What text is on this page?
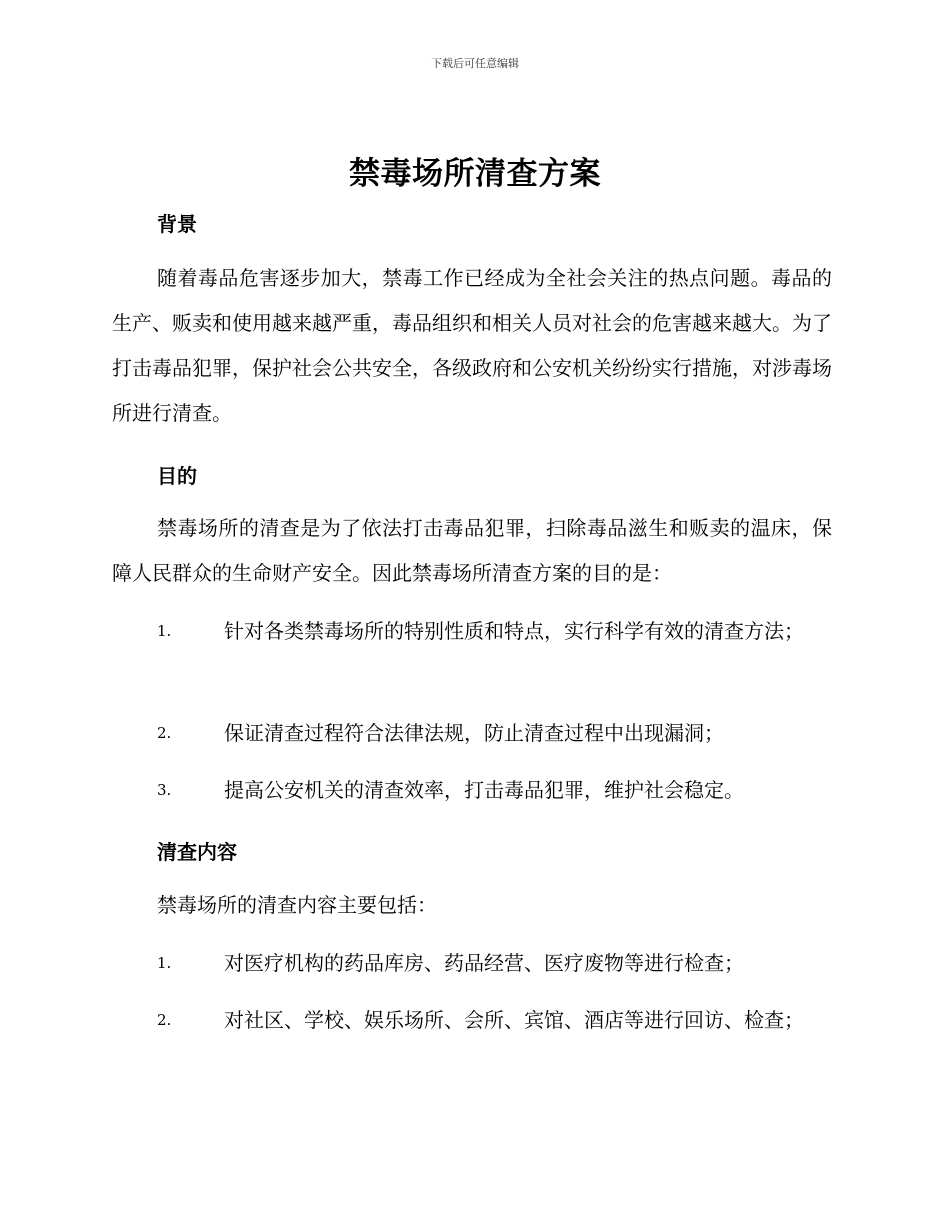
下载后可任意编辑
禁毒场所清查方案
背景
随着毒品危害逐步加大，禁毒工作已经成为全社会关注的热点问题。毒品的生产、贩卖和使用越来越严重，毒品组织和相关人员对社会的危害越来越大。为了打击毒品犯罪，保护社会公共安全，各级政府和公安机关纷纷实行措施，对涉毒场所进行清查。
目的
禁毒场所的清查是为了依法打击毒品犯罪，扫除毒品滋生和贩卖的温床，保障人民群众的生命财产安全。因此禁毒场所清查方案的目的是：
1.	针对各类禁毒场所的特别性质和特点，实行科学有效的清查方法；
2.	保证清查过程符合法律法规，防止清查过程中出现漏洞；
3.	提高公安机关的清查效率，打击毒品犯罪，维护社会稳定。
清查内容
禁毒场所的清查内容主要包括：
1.	对医疗机构的药品库房、药品经营、医疗废物等进行检查；
2.	对社区、学校、娱乐场所、会所、宾馆、酒店等进行回访、检查；
